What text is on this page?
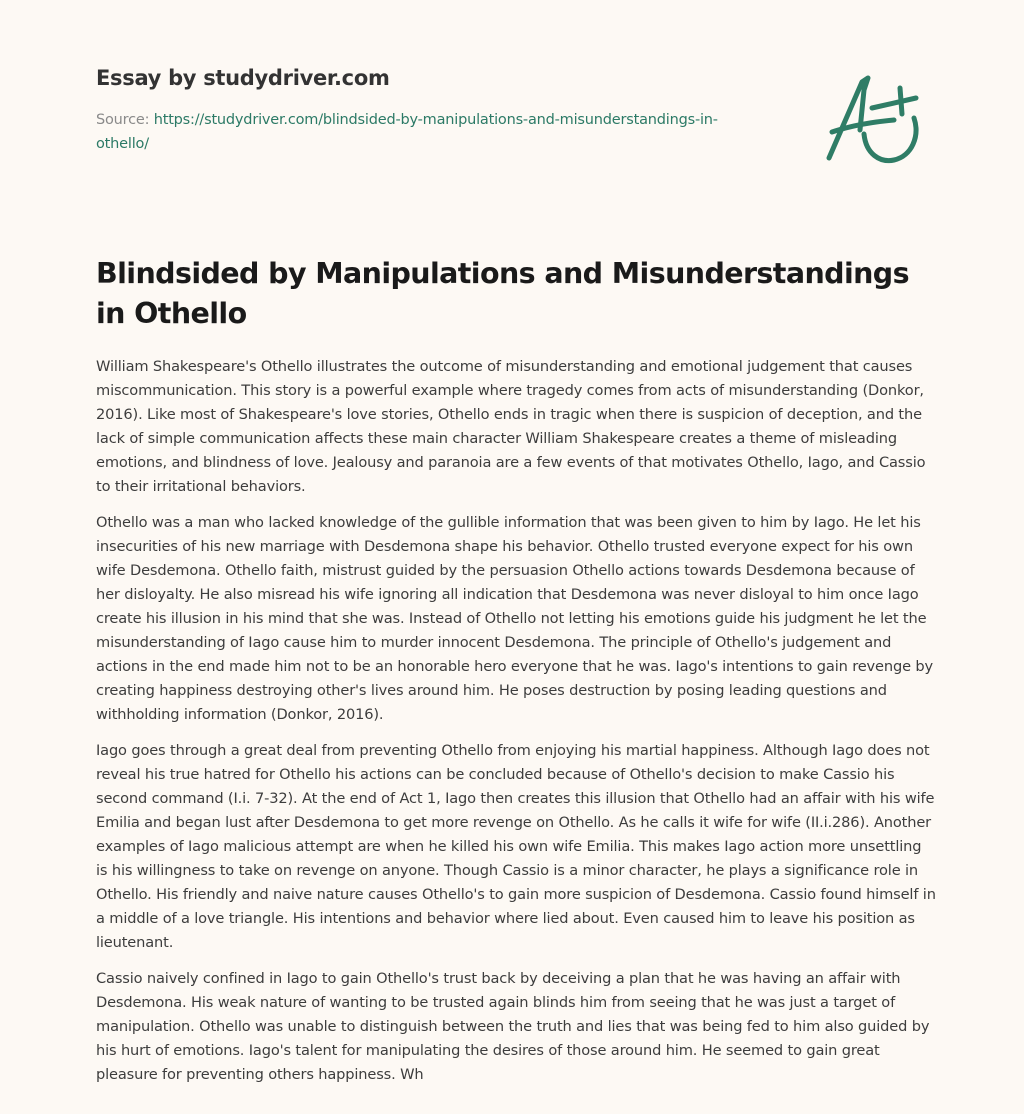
Essay by studydriver.com
Source: https://studydriver.com/blindsided-by-manipulations-and-misunderstandings-in-
othello/
Blindsided by Manipulations and Misunderstandings in Othello

William Shakespeare's Othello illustrates the outcome of misunderstanding and emotional judgement that causes miscommunication. This story is a powerful example where tragedy comes from acts of misunderstanding (Donkor, 2016). Like most of Shakespeare's love stories, Othello ends in tragic when there is suspicion of deception, and the lack of simple communication affects these main character William Shakespeare creates a theme of misleading emotions, and blindness of love. Jealousy and paranoia are a few events of that motivates Othello, Iago, and Cassio to their irritational behaviors.

Othello was a man who lacked knowledge of the gullible information that was been given to him by Iago. He let his insecurities of his new marriage with Desdemona shape his behavior. Othello trusted everyone expect for his own wife Desdemona. Othello faith, mistrust guided by the persuasion Othello actions towards Desdemona because of her disloyalty. He also misread his wife ignoring all indication that Desdemona was never disloyal to him once Iago create his illusion in his mind that she was. Instead of Othello not letting his emotions guide his judgment he let the misunderstanding of Iago cause him to murder innocent Desdemona. The principle of Othello's judgement and actions in the end made him not to be an honorable hero everyone that he was. Iago's intentions to gain revenge by creating happiness destroying other's lives around him. He poses destruction by posing leading questions and withholding information (Donkor, 2016).

Iago goes through a great deal from preventing Othello from enjoying his martial happiness. Although Iago does not reveal his true hatred for Othello his actions can be concluded because of Othello's decision to make Cassio his second command (I.i. 7-32). At the end of Act 1, Iago then creates this illusion that Othello had an affair with his wife Emilia and began lust after Desdemona to get more revenge on Othello. As he calls it wife for wife (II.i.286). Another examples of Iago malicious attempt are when he killed his own wife Emilia. This makes Iago action more unsettling is his willingness to take on revenge on anyone. Though Cassio is a minor character, he plays a significance role in Othello. His friendly and naive nature causes Othello's to gain more suspicion of Desdemona. Cassio found himself in a middle of a love triangle. His intentions and behavior where lied about. Even caused him to leave his position as lieutenant.

Cassio naively confined in Iago to gain Othello's trust back by deceiving a plan that he was having an affair with Desdemona. His weak nature of wanting to be trusted again blinds him from seeing that he was just a target of manipulation. Othello was unable to distinguish between the truth and lies that was being fed to him also guided by his hurt of emotions. Iago's talent for manipulating the desires of those around him. He seemed to gain great pleasure for preventing others happiness. Wh
